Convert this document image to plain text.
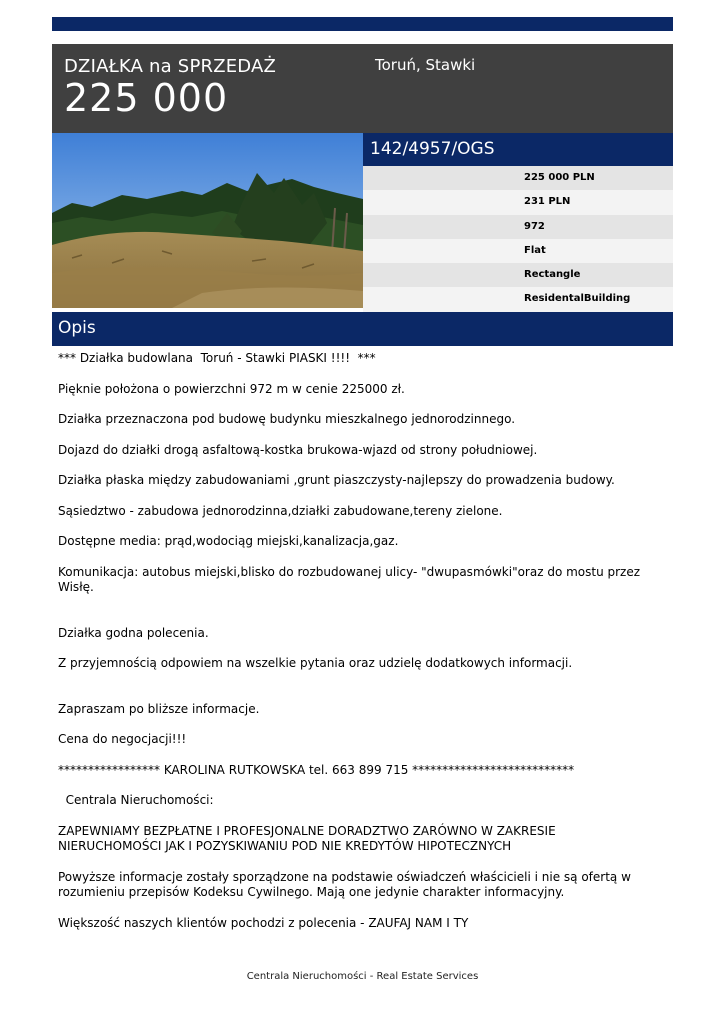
DZIAŁKA na SPRZEDAŻ
225 000
Toruń, Stawki
142/4957/OGS
225 000 PLN
231 PLN
972
Flat
Rectangle
ResidentalBuilding
Opis

*** Działka budowlana  Toruń - Stawki PIASKI !!!!  ***

Pięknie położona o powierzchni 972 m w cenie 225000 zł.

Działka przeznaczona pod budowę budynku mieszkalnego jednorodzinnego.

Dojazd do działki drogą asfaltową-kostka brukowa-wjazd od strony południowej.

Działka płaska między zabudowaniami ,grunt piaszczysty-najlepszy do prowadzenia budowy.

Sąsiedztwo - zabudowa jednorodzinna,działki zabudowane,tereny zielone.

Dostępne media: prąd,wodociąg miejski,kanalizacja,gaz.

Komunikacja: autobus miejski,blisko do rozbudowanej ulicy- "dwupasmówki"oraz do mostu przez Wisłę.

Działka godna polecenia.

Z przyjemnością odpowiem na wszelkie pytania oraz udzielę dodatkowych informacji.

Zapraszam po bliższe informacje.

Cena do negocjacji!!!

***************** KAROLINA RUTKOWSKA tel. 663 899 715 ***************************

Centrala Nieruchomości:

ZAPEWNIAMY BEZPŁATNE I PROFESJONALNE DORADZTWO ZARÓWNO W ZAKRESIE NIERUCHOMOŚCI JAK I POZYSKIWANIU POD NIE KREDYTÓW HIPOTECZNYCH

Powyższe informacje zostały sporządzone na podstawie oświadczeń właścicieli i nie są ofertą w rozumieniu przepisów Kodeksu Cywilnego. Mają one jedynie charakter informacyjny.

Większość naszych klientów pochodzi z polecenia - ZAUFAJ NAM I TY

Centrala Nieruchomości - Real Estate Services
